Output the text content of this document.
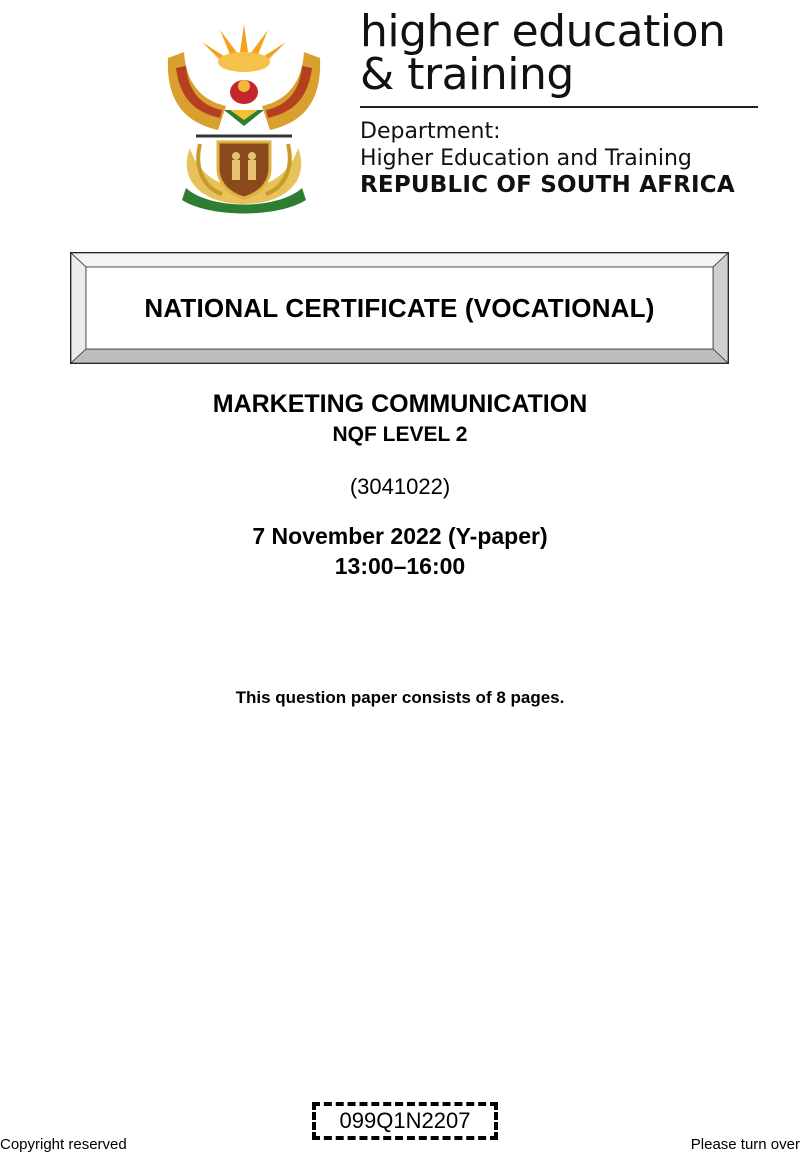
higher education
& training
Department:
Higher Education and Training
REPUBLIC OF SOUTH AFRICA
NATIONAL CERTIFICATE (VOCATIONAL)
MARKETING COMMUNICATION
NQF LEVEL 2
(3041022)
7 November 2022 (Y-paper)
13:00–16:00
This question paper consists of 8 pages.
099Q1N2207
Copyright reserved	Please turn over
